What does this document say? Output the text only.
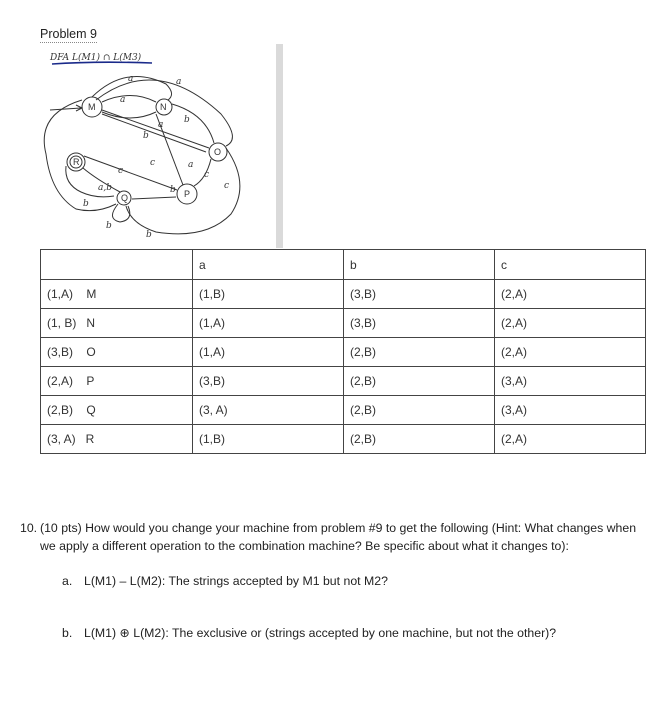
Problem 9
DFA L(M1) ∩ L(M3)
M	N
O
P
Q
R
a	a
a
a
a
b
b
b
b
b
b
c
c	c
c
a,b
	a	b	c
(1,A)    M	(1,B)	(3,B)	(2,A)
(1, B)   N	(1,A)	(3,B)	(2,A)
(3,B)    O	(1,A)	(2,B)	(2,A)
(2,A)    P	(3,B)	(2,B)	(3,A)
(2,B)    Q	(3, A)	(2,B)	(3,A)
(3, A)   R	(1,B)	(2,B)	(2,A)
10. (10 pts) How would you change your machine from problem #9 to get the following (Hint: What changes when we apply a different operation to the combination machine? Be specific about what it changes to):
a. L(M1) – L(M2): The strings accepted by M1 but not M2?
b. L(M1) ⊕ L(M2): The exclusive or (strings accepted by one machine, but not the other)?
